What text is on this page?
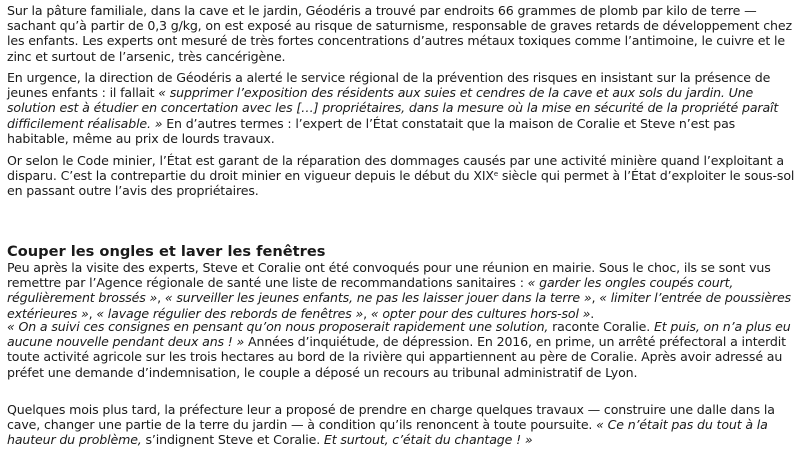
Sur la pâture familiale, dans la cave et le jardin, Géodéris a trouvé par endroits 66 grammes de plomb par kilo de terre — sachant qu’à partir de 0,3 g/kg, on est exposé au risque de saturnisme, responsable de graves retards de développement chez les enfants. Les experts ont mesuré de très fortes concentrations d’autres métaux toxiques comme l’antimoine, le cuivre et le zinc et surtout de l’arsenic, très cancérigène.

En urgence, la direction de Géodéris a alerté le service régional de la prévention des risques en insistant sur la présence de jeunes enfants : il fallait « supprimer l’exposition des résidents aux suies et cendres de la cave et aux sols du jardin. Une solution est à étudier en concertation avec les […] propriétaires, dans la mesure où la mise en sécurité de la propriété paraît difficilement réalisable. » En d’autres termes : l’expert de l’État constatait que la maison de Coralie et Steve n’est pas habitable, même au prix de lourds travaux.

Or selon le Code minier, l’État est garant de la réparation des dommages causés par une activité minière quand l’exploitant a disparu. C’est la contrepartie du droit minier en vigueur depuis le début du XIXe siècle qui permet à l’État d’exploiter le sous-sol en passant outre l’avis des propriétaires.

Couper les ongles et laver les fenêtres

Peu après la visite des experts, Steve et Coralie ont été convoqués pour une réunion en mairie. Sous le choc, ils se sont vus remettre par l’Agence régionale de santé une liste de recommandations sanitaires : « garder les ongles coupés court, régulièrement brossés », « surveiller les jeunes enfants, ne pas les laisser jouer dans la terre », « limiter l’entrée de poussières extérieures », « lavage régulier des rebords de fenêtres », « opter pour des cultures hors-sol ».

« On a suivi ces consignes en pensant qu’on nous proposerait rapidement une solution, raconte Coralie. Et puis, on n’a plus eu aucune nouvelle pendant deux ans ! » Années d’inquiétude, de dépression. En 2016, en prime, un arrêté préfectoral a interdit toute activité agricole sur les trois hectares au bord de la rivière qui appartiennent au père de Coralie. Après avoir adressé au préfet une demande d’indemnisation, le couple a déposé un recours au tribunal administratif de Lyon.

Quelques mois plus tard, la préfecture leur a proposé de prendre en charge quelques travaux — construire une dalle dans la cave, changer une partie de la terre du jardin — à condition qu’ils renoncent à toute poursuite. « Ce n’était pas du tout à la hauteur du problème, s’indignent Steve et Coralie. Et surtout, c’était du chantage ! »
